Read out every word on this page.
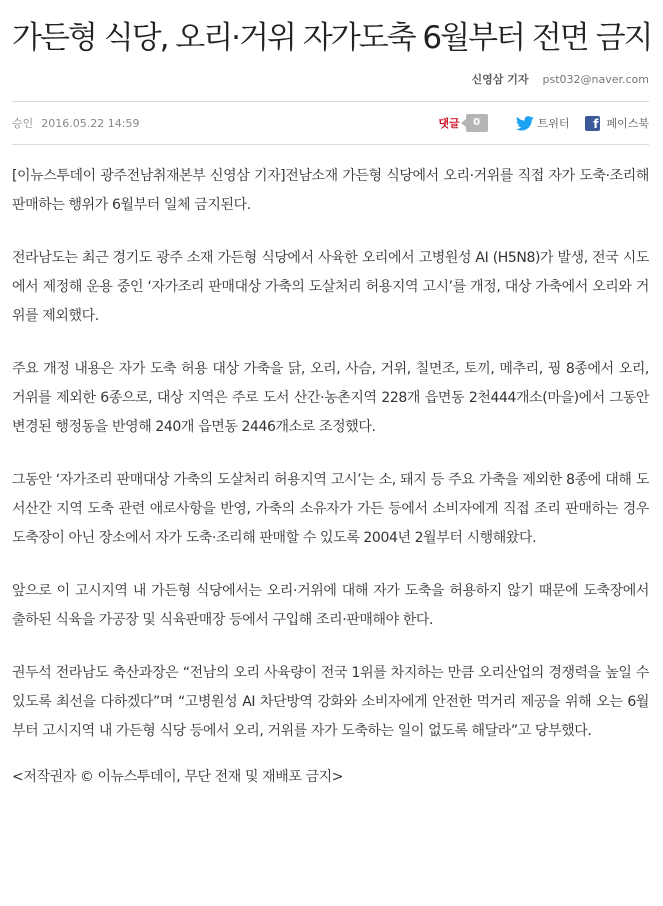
가든형 식당, 오리·거위 자가도축 6월부터 전면 금지
신영삼 기자 pst032@naver.com
승인 2016.05.22 14:59	댓글	0	트위터	f 페이스북

[이뉴스투데이 광주전남취재본부 신영삼 기자]전남소재 가든형 식당에서 오리·거위를 직접 자가 도축·조리해 판매하는 행위가 6월부터 일체 금지된다.

전라남도는 최근 경기도 광주 소재 가든형 식당에서 사육한 오리에서 고병원성 AI (H5N8)가 발생, 전국 시도에서 제정해 운용 중인 ‘자가조리 판매대상 가축의 도살처리 허용지역 고시’를 개정, 대상 가축에서 오리와 거위를 제외했다.

주요 개정 내용은 자가 도축 허용 대상 가축을 닭, 오리, 사슴, 거위, 칠면조, 토끼, 메추리, 꿩 8종에서 오리, 거위를 제외한 6종으로, 대상 지역은 주로 도서 산간·농촌지역 228개 읍면동 2천444개소(마을)에서 그동안 변경된 행정동을 반영해 240개 읍면동 2446개소로 조정했다.

그동안 ‘자가조리 판매대상 가축의 도살처리 허용지역 고시’는 소, 돼지 등 주요 가축을 제외한 8종에 대해 도서산간 지역 도축 관련 애로사항을 반영, 가축의 소유자가 가든 등에서 소비자에게 직접 조리 판매하는 경우 도축장이 아닌 장소에서 자가 도축·조리해 판매할 수 있도록 2004년 2월부터 시행해왔다.

앞으로 이 고시지역 내 가든형 식당에서는 오리·거위에 대해 자가 도축을 허용하지 않기 때문에 도축장에서 출하된 식육을 가공장 및 식육판매장 등에서 구입해 조리·판매해야 한다.

권두석 전라남도 축산과장은 “전남의 오리 사육량이 전국 1위를 차지하는 만큼 오리산업의 경쟁력을 높일 수 있도록 최선을 다하겠다”며 “고병원성 AI 차단방역 강화와 소비자에게 안전한 먹거리 제공을 위해 오는 6월부터 고시지역 내 가든형 식당 등에서 오리, 거위를 자가 도축하는 일이 없도록 해달라”고 당부했다.

<저작권자 © 이뉴스투데이, 무단 전재 및 재배포 금지>
